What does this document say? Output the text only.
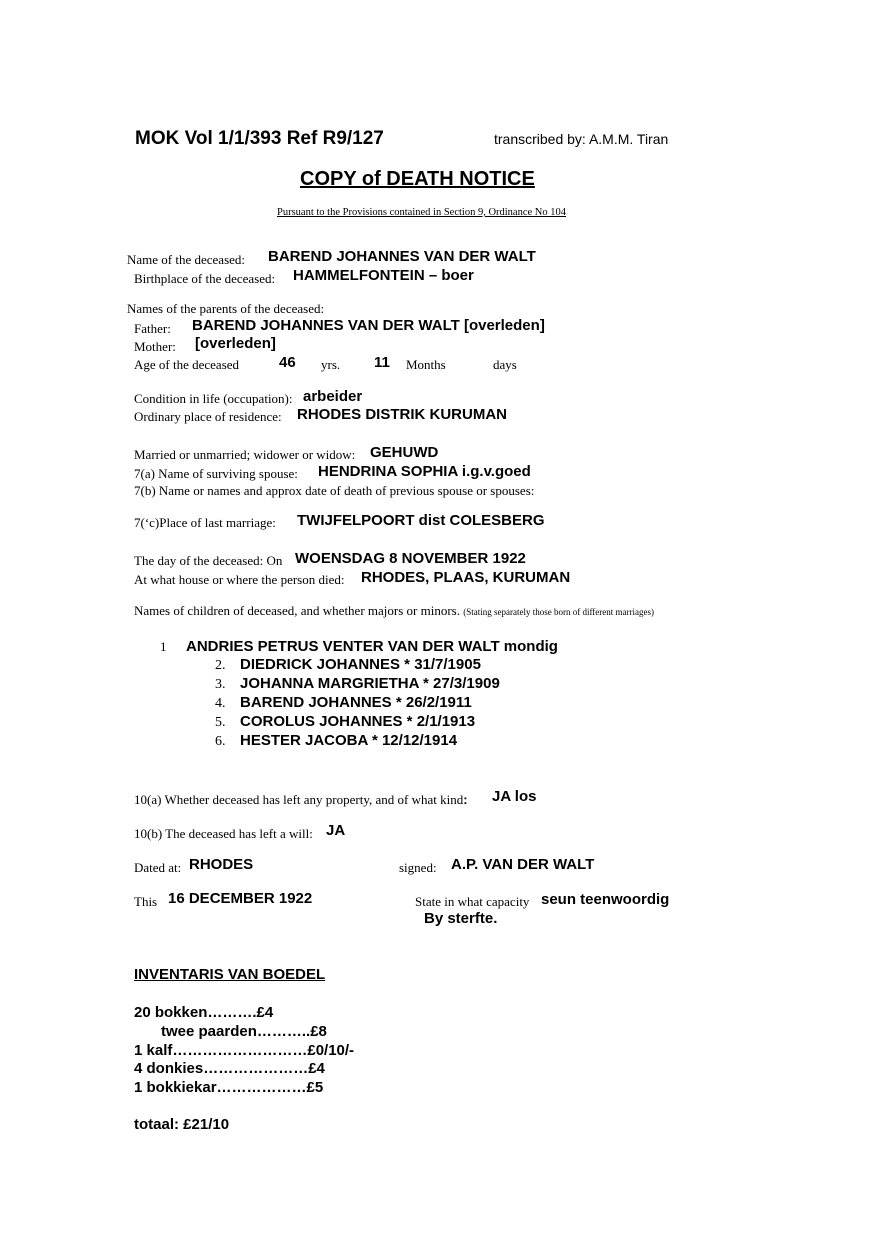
MOK Vol 1/1/393 Ref R9/127	transcribed by: A.M.M. Tiran
COPY of DEATH NOTICE
Pursuant to the Provisions contained in Section 9, Ordinance No 104
Name of the deceased: BAREND JOHANNES VAN DER WALT
Birthplace of the deceased: HAMMELFONTEIN – boer
Names of the parents of the deceased:
Father: BAREND JOHANNES VAN DER WALT [overleden]
Mother: [overleden]
Age of the deceased	46 yrs. 11 Months	days
Condition in life (occupation): arbeider
Ordinary place of residence: RHODES DISTRIK KURUMAN
Married or unmarried; widower or widow: GEHUWD
7(a) Name of surviving spouse: HENDRINA SOPHIA i.g.v.goed
7(b) Name or names and approx date of death of previous spouse or spouses:
7(‘c)Place of last marriage: TWIJFELPOORT dist COLESBERG
The day of the deceased: On WOENSDAG 8 NOVEMBER 1922
At what house or where the person died: RHODES, PLAAS, KURUMAN
Names of children of deceased, and whether majors or minors. (Stating separately those born of different marriages)
1 ANDRIES PETRUS VENTER VAN DER WALT mondig
2. DIEDRICK JOHANNES * 31/7/1905
3. JOHANNA MARGRIETHA * 27/3/1909
4. BAREND JOHANNES * 26/2/1911
5. COROLUS JOHANNES * 2/1/1913
6. HESTER JACOBA * 12/12/1914
10(a) Whether deceased has left any property, and of what kind: JA los
10(b) The deceased has left a will: JA
Dated at: RHODES	signed: A.P. VAN DER WALT
This 16 DECEMBER 1922	State in what capacity seun teenwoordig
By sterfte.
INVENTARIS VAN BOEDEL
20 bokken……….£4
twee paarden………..£8
1 kalf………………………£0/10/-
4 donkies…………………£4
1 bokkiekar………………£5
totaal: £21/10
